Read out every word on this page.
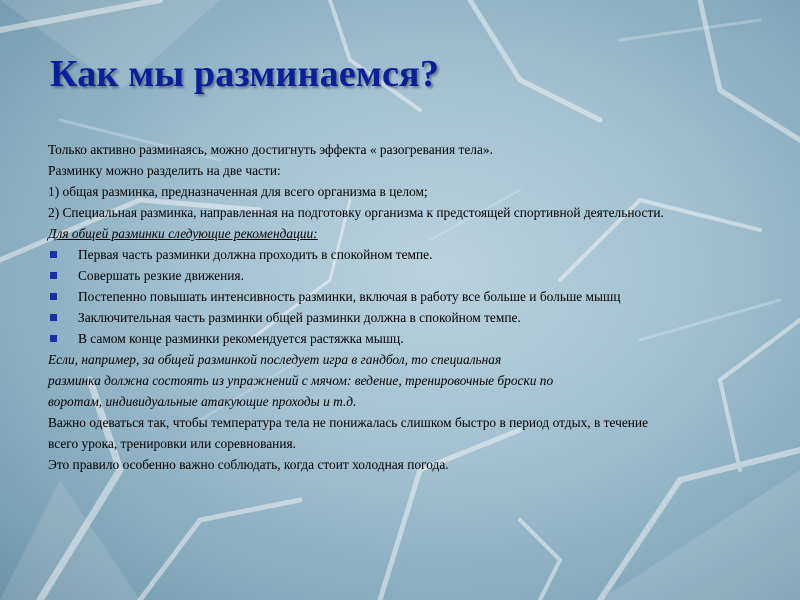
Как мы разминаемся?

Только активно разминаясь, можно достигнуть эффекта « разогревания тела».

Разминку можно разделить на две части:

1) общая разминка, предназначенная для всего организма в целом;

2) Специальная разминка, направленная на подготовку организма к предстоящей спортивной деятельности.

Для общей разминки следующие рекомендации:

Первая часть разминки должна проходить в спокойном темпе.
Совершать резкие движения.
Постепенно повышать интенсивность разминки, включая в работу все больше и больше мышц
Заключительная часть разминки общей разминки должна в спокойном темпе.
В самом конце разминки рекомендуется растяжка мышц.

Если, например, за общей разминкой последует игра в гандбол, то специальная

разминка должна состоять из упражнений с мячом: ведение, тренировочные броски по

воротам, индивидуальные атакующие проходы и т.д.

Важно одеваться так, чтобы температура тела не понижалась слишком быстро в период отдых, в течение

всего урока, тренировки или соревнования.

Это правило особенно важно соблюдать, когда стоит холодная погода.
